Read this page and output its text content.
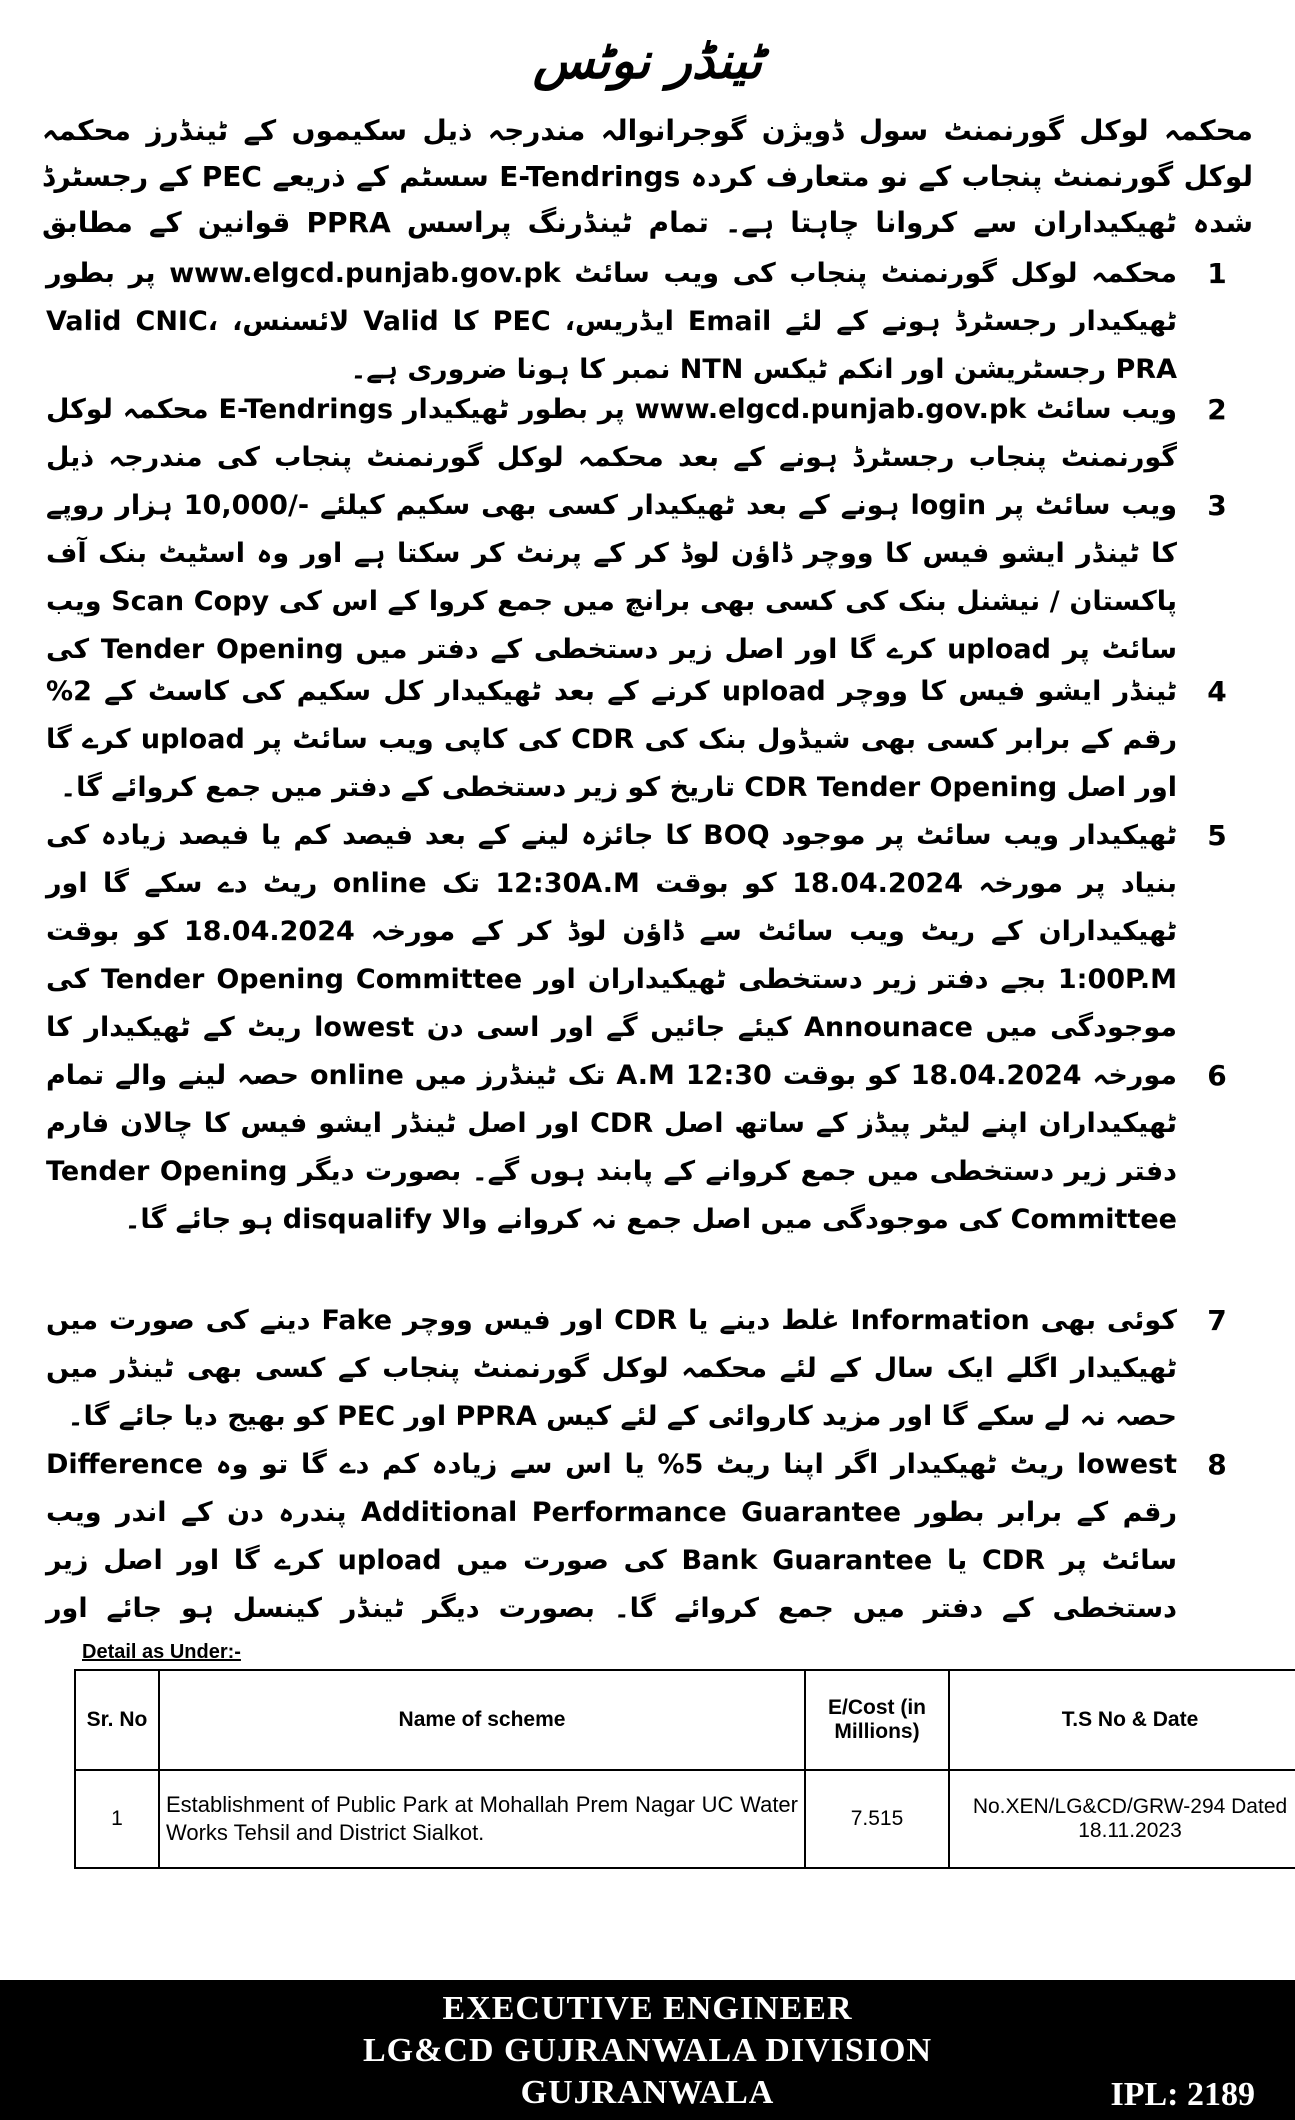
ٹینڈر نوٹس
محکمہ لوکل گورنمنٹ سول ڈویژن گوجرانوالہ مندرجہ ذیل سکیموں کے ٹینڈرز محکمہ لوکل گورنمنٹ پنجاب کے نو متعارف کردہ E-Tendrings سسٹم کے ذریعے PEC کے رجسٹرڈ شدہ ٹھیکیداران سے کروانا چاہتا ہے۔ تمام ٹینڈرنگ پراسس PPRA قوانین کے مطابق
1
محکمہ لوکل گورنمنٹ پنجاب کی ویب سائٹ www.elgcd.punjab.gov.pk پر بطور ٹھیکیدار رجسٹرڈ ہونے کے لئے Email ایڈریس، PEC کا Valid لائسنس، Valid CNIC، PRA رجسٹریشن اور انکم ٹیکس NTN نمبر کا ہونا ضروری ہے۔
2
ویب سائٹ www.elgcd.punjab.gov.pk پر بطور ٹھیکیدار E-Tendrings محکمہ لوکل گورنمنٹ پنجاب رجسٹرڈ ہونے کے بعد محکمہ لوکل گورنمنٹ پنجاب کی مندرجہ ذیل
3
ویب سائٹ پر login ہونے کے بعد ٹھیکیدار کسی بھی سکیم کیلئے -/10,000 ہزار روپے کا ٹینڈر ایشو فیس کا ووچر ڈاؤن لوڈ کر کے پرنٹ کر سکتا ہے اور وہ اسٹیٹ بنک آف پاکستان / نیشنل بنک کی کسی بھی برانچ میں جمع کروا کے اس کی Scan Copy ویب سائٹ پر upload کرے گا اور اصل زیر دستخطی کے دفتر میں Tender Opening کی
4
ٹینڈر ایشو فیس کا ووچر upload کرنے کے بعد ٹھیکیدار کل سکیم کی کاسٹ کے 2% رقم کے برابر کسی بھی شیڈول بنک کی CDR کی کاپی ویب سائٹ پر upload کرے گا اور اصل CDR Tender Opening تاریخ کو زیر دستخطی کے دفتر میں جمع کروائے گا۔
5
ٹھیکیدار ویب سائٹ پر موجود BOQ کا جائزہ لینے کے بعد فیصد کم یا فیصد زیادہ کی بنیاد پر مورخہ 18.04.2024 کو بوقت 12:30A.M تک online ریٹ دے سکے گا اور ٹھیکیداران کے ریٹ ویب سائٹ سے ڈاؤن لوڈ کر کے مورخہ 18.04.2024 کو بوقت 1:00P.M بجے دفتر زیر دستخطی ٹھیکیداران اور Tender Opening Committee کی موجودگی میں Announace کیئے جائیں گے اور اسی دن lowest ریٹ کے ٹھیکیدار کا
6
مورخہ 18.04.2024 کو بوقت 12:30 A.M تک ٹینڈرز میں online حصہ لینے والے تمام ٹھیکیداران اپنے لیٹر پیڈز کے ساتھ اصل CDR اور اصل ٹینڈر ایشو فیس کا چالان فارم دفتر زیر دستخطی میں جمع کروانے کے پابند ہوں گے۔ بصورت دیگر Tender Opening Committee کی موجودگی میں اصل جمع نہ کروانے والا disqualify ہو جائے گا۔
7
کوئی بھی Information غلط دینے یا CDR اور فیس ووچر Fake دینے کی صورت میں ٹھیکیدار اگلے ایک سال کے لئے محکمہ لوکل گورنمنٹ پنجاب کے کسی بھی ٹینڈر میں حصہ نہ لے سکے گا اور مزید کاروائی کے لئے کیس PPRA اور PEC کو بھیج دیا جائے گا۔
8
lowest ریٹ ٹھیکیدار اگر اپنا ریٹ 5% یا اس سے زیادہ کم دے گا تو وہ Difference رقم کے برابر بطور Additional Performance Guarantee پندرہ دن کے اندر ویب سائٹ پر CDR یا Bank Guarantee کی صورت میں upload کرے گا اور اصل زیر دستخطی کے دفتر میں جمع کروائے گا۔ بصورت دیگر ٹینڈر کینسل ہو جائے اور
Detail as Under:-
Sr. No	Name of scheme	E/Cost (in Millions)	T.S No & Date
1	Establishment of Public Park at Mohallah Prem Nagar UC Water Works Tehsil and District Sialkot.	7.515	No.XEN/LG&CD/GRW-294 Dated 18.11.2023
EXECUTIVE ENGINEER
LG&CD GUJRANWALA DIVISION
GUJRANWALA	IPL: 2189
